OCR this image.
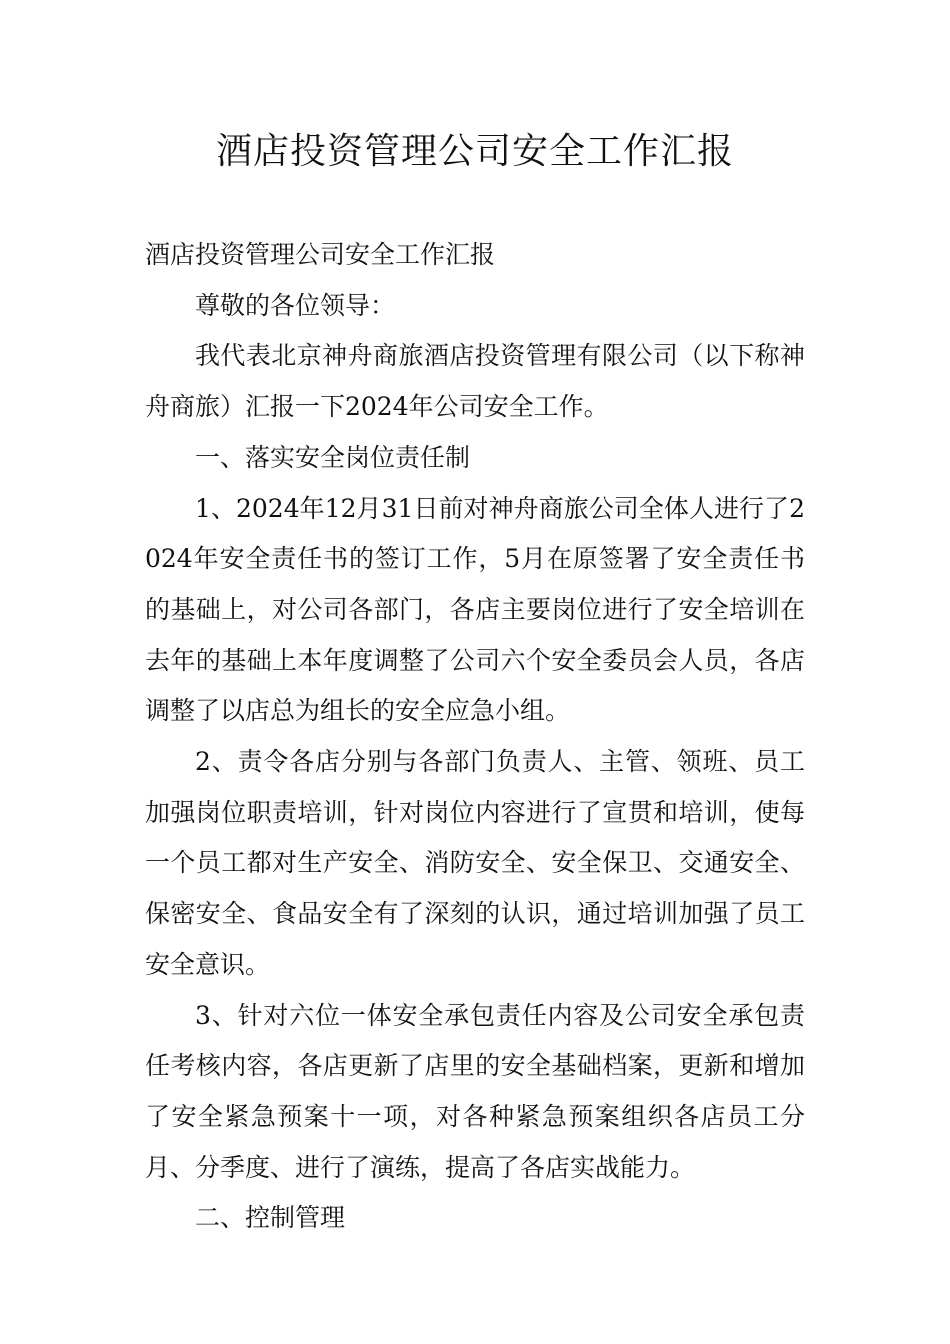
酒店投资管理公司安全工作汇报

酒店投资管理公司安全工作汇报

尊敬的各位领导：

我代表北京神舟商旅酒店投资管理有限公司（以下称神舟商旅）汇报一下2024年公司安全工作。

一、落实安全岗位责任制

1、2024年12月31日前对神舟商旅公司全体人进行了2024年安全责任书的签订工作，5月在原签署了安全责任书的基础上，对公司各部门，各店主要岗位进行了安全培训在去年的基础上本年度调整了公司六个安全委员会人员，各店调整了以店总为组长的安全应急小组。

2、责令各店分别与各部门负责人、主管、领班、员工加强岗位职责培训，针对岗位内容进行了宣贯和培训，使每一个员工都对生产安全、消防安全、安全保卫、交通安全、保密安全、食品安全有了深刻的认识，通过培训加强了员工安全意识。

3、针对六位一体安全承包责任内容及公司安全承包责任考核内容，各店更新了店里的安全基础档案，更新和增加了安全紧急预案十一项，对各种紧急预案组织各店员工分月、分季度、进行了演练，提高了各店实战能力。

二、控制管理
